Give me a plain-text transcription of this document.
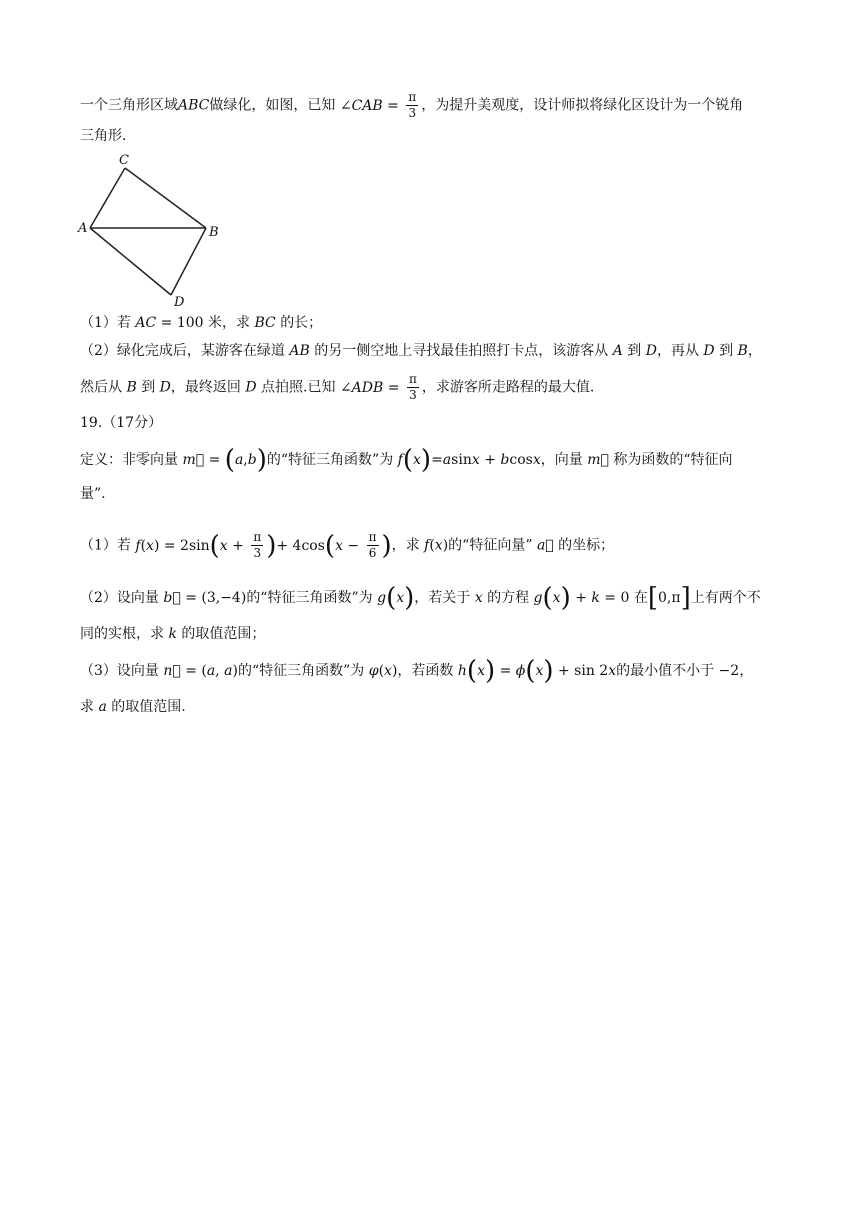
一个三角形区域ABC做绿化，如图，已知 ∠CAB = $\frac{\pi}{3}$ ，为提升美观度，设计师拟将绿化区设计为一个锐角
三角形.
C
A	B
D
（1）若 AC = 100 米，求 BC 的长；
（2）绿化完成后，某游客在绿道 AB 的另一侧空地上寻找最佳拍照打卡点，该游客从 A 到 D，再从 D 到 B，
然后从 B 到 D，最终返回 D 点拍照.已知 ∠ADB = $\frac{\pi}{3}$ ，求游客所走路程的最大值.
19.（17分）
定义：非零向量 m⃗ = (a,b)的“特征三角函数”为 f(x)=asinx + bcosx，向量 m⃗ 称为函数的“特征向
量”.
（1）若 $f(x) = 2\sin(x + \frac{\pi}{3}$ )+ $4\cos(x - \frac{\pi}{6}$ )，求 f(x)的“特征向量” a⃗ 的坐标；
（2）设向量 b⃗ = (3,−4)的“特征三角函数”为 g(x)，若关于 x 的方程 g(x) + k = 0 在[0,π]上有两个不
同的实根，求 k 的取值范围；
（3）设向量 n⃗ = (a, a)的“特征三角函数”为 φ(x)，若函数 h(x) = ϕ(x) + sin 2x的最小值不小于 −2，
求 a 的取值范围.
